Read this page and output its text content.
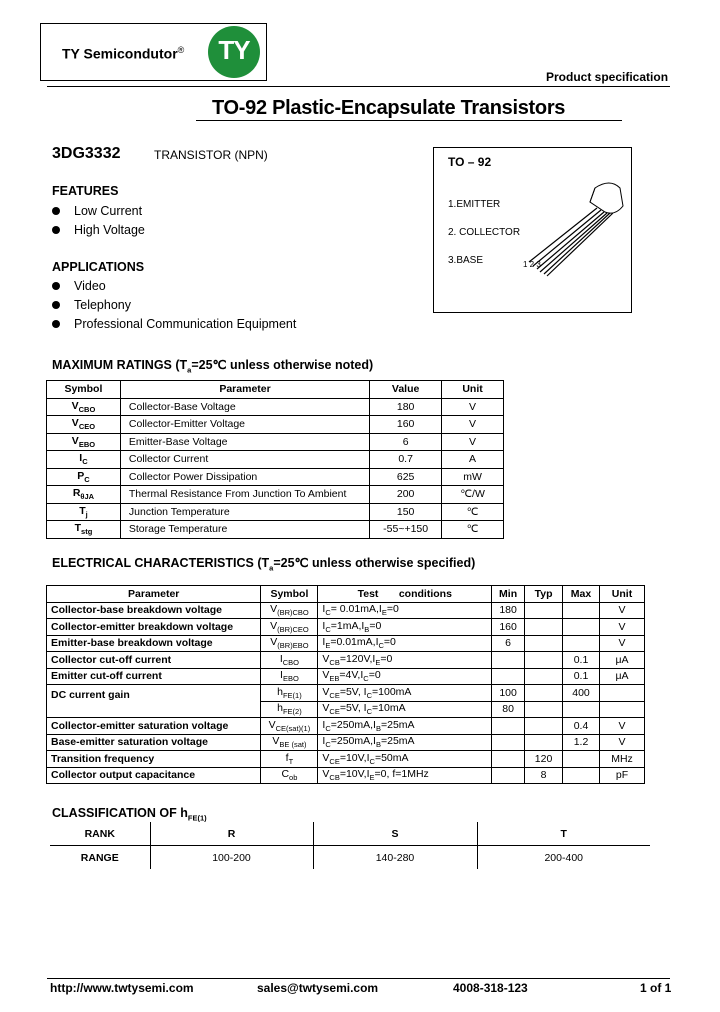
TY Semicondutor®	TY
Product specification
TO-92 Plastic-Encapsulate Transistors
3DG3332	TRANSISTOR (NPN)
FEATURES
Low Current
High Voltage
APPLICATIONS
Video
Telephony
Professional Communication Equipment
TO – 92
1.EMITTER
2. COLLECTOR
3.BASE	1 2 3
MAXIMUM RATINGS ($T_a=25℃$ unless otherwise noted)
Symbol	Parameter	Value	Unit
$V_{CBO}$	Collector-Base Voltage	180	V
$V_{CEO}$	Collector-Emitter Voltage	160	V
$V_{EBO}$	Emitter-Base Voltage	6	V
$I_C$	Collector Current	0.7	A
$P_C$	Collector Power Dissipation	625	mW
$R_{\theta JA}$	Thermal Resistance From Junction To Ambient	200	℃/W
$T_j$	Junction Temperature	150	℃
$T_{stg}$	Storage Temperature	-55~+150	℃
ELECTRICAL CHARACTERISTICS ($T_a=25℃$ unless otherwise specified)
Parameter	Symbol	Test       conditions	Min	Typ	Max	Unit
Collector-base breakdown voltage	$V_{(BR)CBO}$	$I_C= 0.01mA,I_E=0$	180			V
Collector-emitter breakdown voltage	$V_{(BR)CEO}$	$I_C=1mA,I_B=0$	160			V
Emitter-base breakdown voltage	$V_{(BR)EBO}$	$I_E=0.01mA,I_C=0$	6			V
Collector cut-off current	$I_{CBO}$	$V_{CB}=120V,I_E=0$			0.1	μA
Emitter cut-off current	$I_{EBO}$	$V_{EB}=4V,I_C=0$			0.1	μA
DC current gain	$h_{FE(1)}$	$V_{CE}=5V$, $I_C=100mA$	100		400	
	$h_{FE(2)}$	$V_{CE}=5V$, $I_C=10mA$	80			
Collector-emitter saturation voltage	$V_{CE(sat)(1)}$	$I_C=250mA,I_B=25mA$			0.4	V
Base-emitter saturation voltage	$V_{BE (sat)}$	$I_C=250mA,I_B=25mA$			1.2	V
Transition frequency	$f_T$	$V_{CE}=10V,I_C=50mA$		120		MHz
Collector output capacitance	$C_{ob}$	$V_{CB}=10V,I_E=0$, f=1MHz		8		pF
CLASSIFICATION OF $h_{FE(1)}$
RANK	R	S	T
RANGE	100-200	140-280	200-400
http://www.twtysemi.com	sales@twtysemi.com	4008-318-123	1 of 1
